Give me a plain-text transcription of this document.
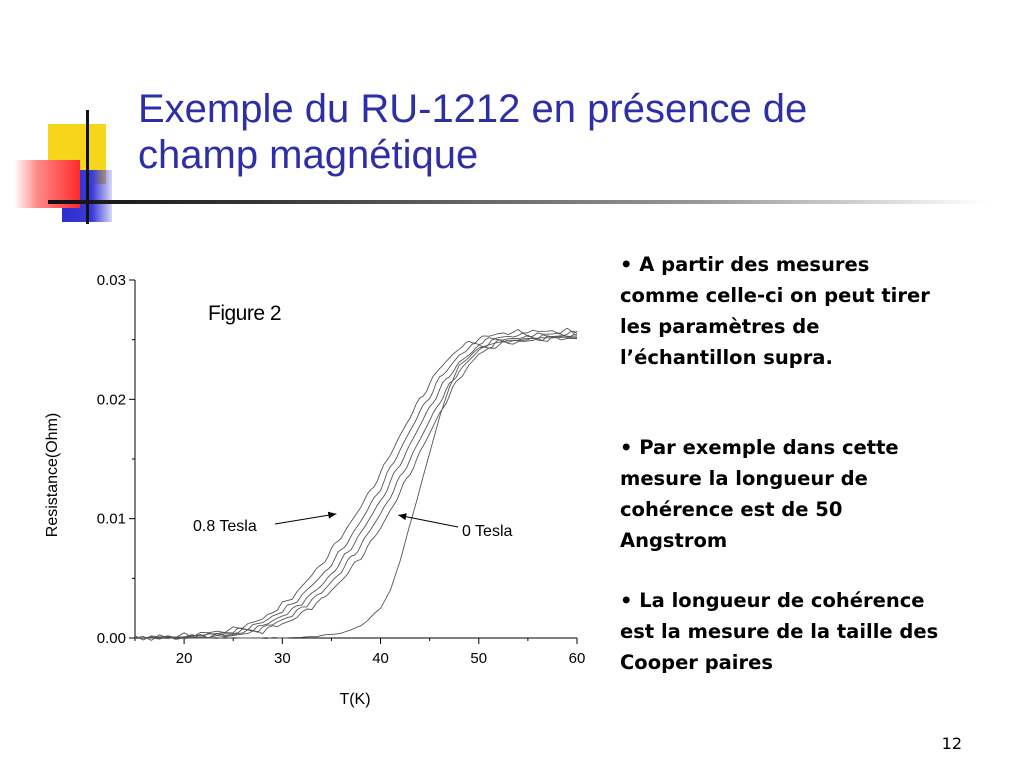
Exemple du RU-1212 en présence de
champ magnétique
20	30	40	50	60
0.00
0.01
0.02
0.03
Figure 2
T(K)
Resistance(Ohm)	0.8 Tesla	0 Tesla

• A partir des mesures
comme celle-ci on peut tirer
les paramètres de
l’échantillon supra.

• Par exemple dans cette
mesure la longueur de
cohérence est de 50
Angstrom

• La longueur de cohérence
est la mesure de la taille des
Cooper paires

12
